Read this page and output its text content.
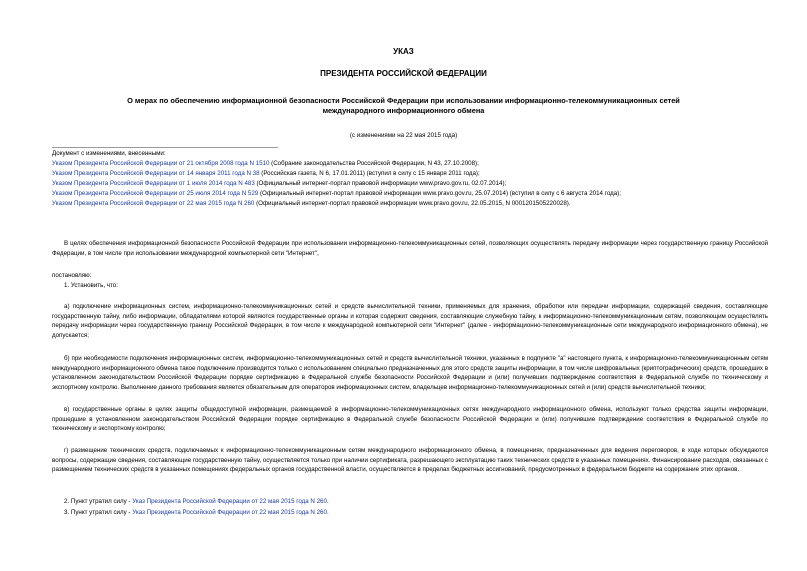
УКАЗ
ПРЕЗИДЕНТА РОССИЙСКОЙ ФЕДЕРАЦИИ
О мерах по обеспечению информационной безопасности Российской Федерации при использовании информационно-телекоммуникационных сетей
международного информационного обмена
(с изменениями на 22 мая 2015 года)
Документ с изменениями, внесенными:
Указом Президента Российской Федерации от 21 октября 2008 года N 1510 (Собрание законодательства Российской Федерации, N 43, 27.10.2008);
Указом Президента Российской Федерации от 14 января 2011 года N 38 (Российская газета, N 6, 17.01.2011) (вступил в силу с 15 января 2011 года);
Указом Президента Российской Федерации от 1 июля 2014 года N 483 (Официальный интернет-портал правовой информации www.pravo.gov.ru, 02.07.2014);
Указом Президента Российской Федерации от 25 июля 2014 года N 529 (Официальный интернет-портал правовой информации www.pravo.gov.ru, 25.07.2014) (вступил в силу с 6 августа 2014 года);
Указом Президента Российской Федерации от 22 мая 2015 года N 260 (Официальный интернет-портал правовой информации www.pravo.gov.ru, 22.05.2015, N 0001201505220028).
В целях обеспечения информационной безопасности Российской Федерации при использовании информационно-телекоммуникационных сетей, позволяющих осуществлять передачу информации через государственную границу Российской Федерации, в том числе при использовании международной компьютерной сети "Интернет",
постановляю:
1. Установить, что:
а) подключение информационных систем, информационно-телекоммуникационных сетей и средств вычислительной техники, применяемых для хранения, обработки или передачи информации, содержащей сведения, составляющие государственную тайну, либо информации, обладателями которой являются государственные органы и которая содержит сведения, составляющие служебную тайну, к информационно-телекоммуникационным сетям, позволяющим осуществлять передачу информации через государственную границу Российской Федерации, в том числе к международной компьютерной сети "Интернет" (далее - информационно-телекоммуникационные сети международного информационного обмена), не допускается;
б) при необходимости подключения информационных систем, информационно-телекоммуникационных сетей и средств вычислительной техники, указанных в подпункте "а" настоящего пункта, к информационно-телекоммуникационным сетям международного информационного обмена такое подключение производится только с использованием специально предназначенных для этого средств защиты информации, в том числе шифровальных (криптографических) средств, прошедших в установленном законодательством Российской Федерации порядке сертификацию в Федеральной службе безопасности Российской Федерации и (или) получивших подтверждение соответствия в Федеральной службе по техническому и экспортному контролю. Выполнение данного требования является обязательным для операторов информационных систем, владельцев информационно-телекоммуникационных сетей и (или) средств вычислительной техники;
в) государственные органы в целях защиты общедоступной информации, размещаемой в информационно-телекоммуникационных сетях международного информационного обмена, используют только средства защиты информации, прошедшие в установленном законодательством Российской Федерации порядке сертификацию в Федеральной службе безопасности Российской Федерации и (или) получившие подтверждение соответствия в Федеральной службе по техническому и экспортному контролю;
г) размещение технических средств, подключаемых к информационно-телекоммуникационным сетям международного информационного обмена, в помещениях, предназначенных для ведения переговоров, в ходе которых обсуждаются вопросы, содержащие сведения, составляющие государственную тайну, осуществляется только при наличии сертификата, разрешающего эксплуатацию таких технических средств в указанных помещениях. Финансирование расходов, связанных с размещением технических средств в указанных помещениях федеральных органов государственной власти, осуществляется в пределах бюджетных ассигнований, предусмотренных в федеральном бюджете на содержание этих органов.
2. Пункт утратил силу - Указ Президента Российской Федерации от 22 мая 2015 года N 260.
3. Пункт утратил силу - Указ Президента Российской Федерации от 22 мая 2015 года N 260.
